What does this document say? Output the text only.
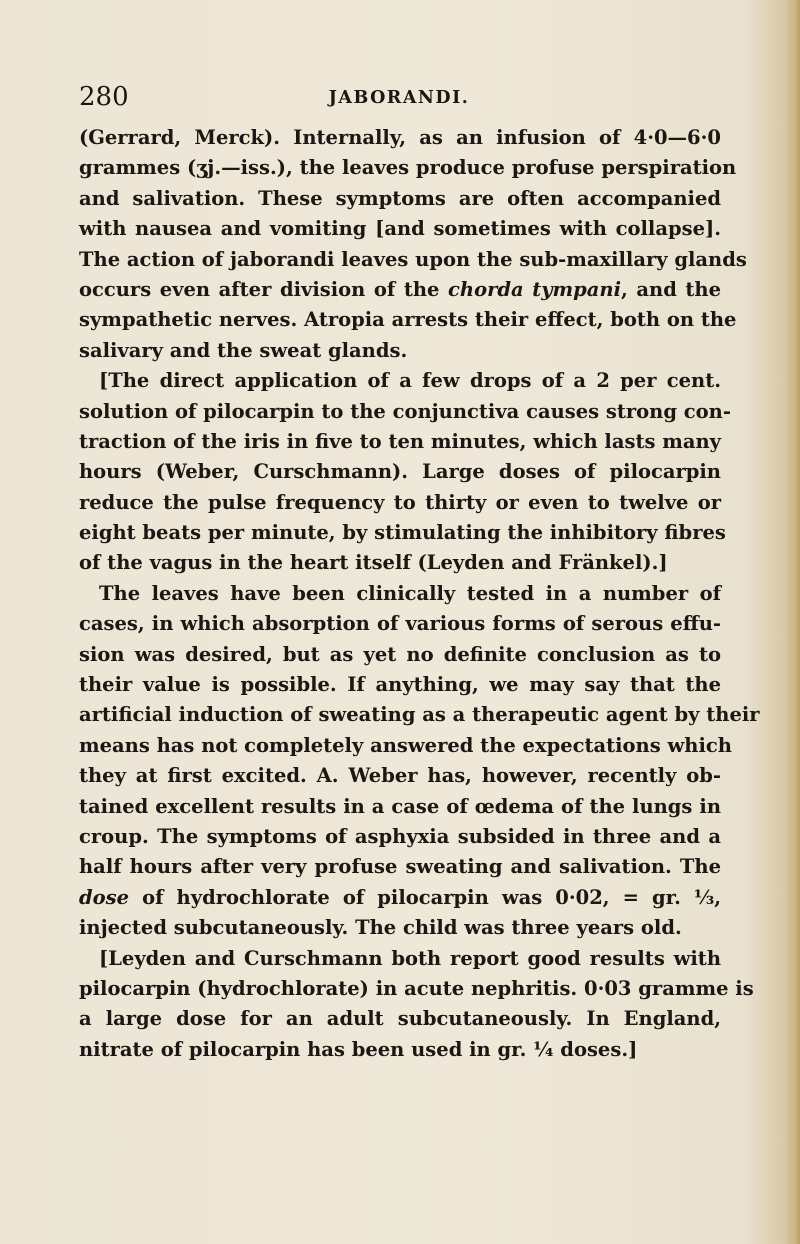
280	JABORANDI.
(Gerrard, Merck). Internally, as an infusion of 4·0—6·0
grammes (ʒj.—iss.), the leaves produce profuse perspiration
and salivation. These symptoms are often accompanied
with nausea and vomiting [and sometimes with collapse].
The action of jaborandi leaves upon the sub-maxillary glands
occurs even after division of the chorda tympani, and the
sympathetic nerves. Atropia arrests their effect, both on the
salivary and the sweat glands.
[The direct application of a few drops of a 2 per cent.
solution of pilocarpin to the conjunctiva causes strong con-
traction of the iris in five to ten minutes, which lasts many
hours (Weber, Curschmann). Large doses of pilocarpin
reduce the pulse frequency to thirty or even to twelve or
eight beats per minute, by stimulating the inhibitory fibres
of the vagus in the heart itself (Leyden and Fränkel).]
The leaves have been clinically tested in a number of
cases, in which absorption of various forms of serous effu-
sion was desired, but as yet no definite conclusion as to
their value is possible. If anything, we may say that the
artificial induction of sweating as a therapeutic agent by their
means has not completely answered the expectations which
they at first excited. A. Weber has, however, recently ob-
tained excellent results in a case of œdema of the lungs in
croup. The symptoms of asphyxia subsided in three and a
half hours after very profuse sweating and salivation. The
dose of hydrochlorate of pilocarpin was 0·02, = gr. ⅓,
injected subcutaneously. The child was three years old.
[Leyden and Curschmann both report good results with
pilocarpin (hydrochlorate) in acute nephritis. 0·03 gramme is
a large dose for an adult subcutaneously. In England,
nitrate of pilocarpin has been used in gr. ¼ doses.]
